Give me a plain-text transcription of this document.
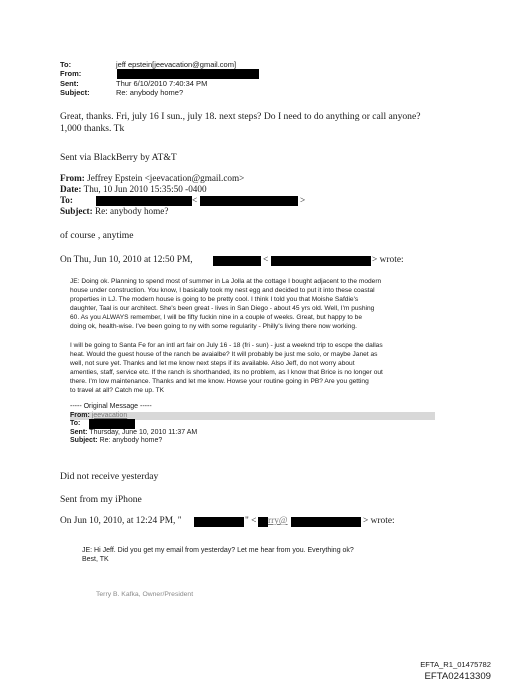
To:	jeff epstein[jeevacation@gmail.com]
From:
Sent:	Thur 6/10/2010 7:40:34 PM
Subject:	Re: anybody home?
Great, thanks. Fri, july 16 I sun., july 18. next steps? Do I need to do anything or call anyone?
1,000 thanks. Tk
Sent via BlackBerry by AT&T
From: Jeffrey Epstein <jeevacation@gmail.com>
Date: Thu, 10 Jun 2010 15:35:50 -0400
To:	<	>
Subject: Re: anybody home?
of course , anytime
On Thu, Jun 10, 2010 at 12:50 PM,	<	> wrote:
JE: Doing ok. Planning to spend most of summer in La Jolla at the cottage I bought adjacent to the modern
house under construction. You know, I basically took my nest egg and decided to put it into these coastal
properties in LJ. The modern house is going to be pretty cool. I think I told you that Moishe Safdie's
daughter, Taal is our architect. She's been great - lives in San Diego - about 45 yrs old. Well, I'm pushing
60. As you ALWAYS remember, I will be fifty fuckin nine in a couple of weeks. Great, but happy to be
doing ok, health-wise. I've been going to ny with some regularity - Philly's living there now working.
I will be going to Santa Fe for an intl art fair on July 16 - 18 (fri - sun) - just a weeknd trip to escpe the dallas
heat. Would the guest house of the ranch be avaialbe? It will probably be just me solo, or maybe Janet as
well, not sure yet. Thanks and let me know next steps if its available. Also Jeff, do not worry about
amenties, staff, service etc. If the ranch is shorthanded, its no problem, as I know that Brice is no longer out
there. I'm low maintenance. Thanks and let me know. Howse your routine going in PB? Are you getting
to travel at all? Catch me up. TK
----- Original Message -----
From: jeevacation
To:
Sent: Thursday, June 10, 2010 11:37 AM
Subject: Re: anybody home?
Did not receive yesterday
Sent from my iPhone
On Jun 10, 2010, at 12:24 PM, "	" < rry@	> wrote:
JE: Hi Jeff. Did you get my email from yesterday? Let me hear from you. Everything ok?
Best, TK
Terry B. Kafka, Owner/President
EFTA_R1_01475782
EFTA02413309
